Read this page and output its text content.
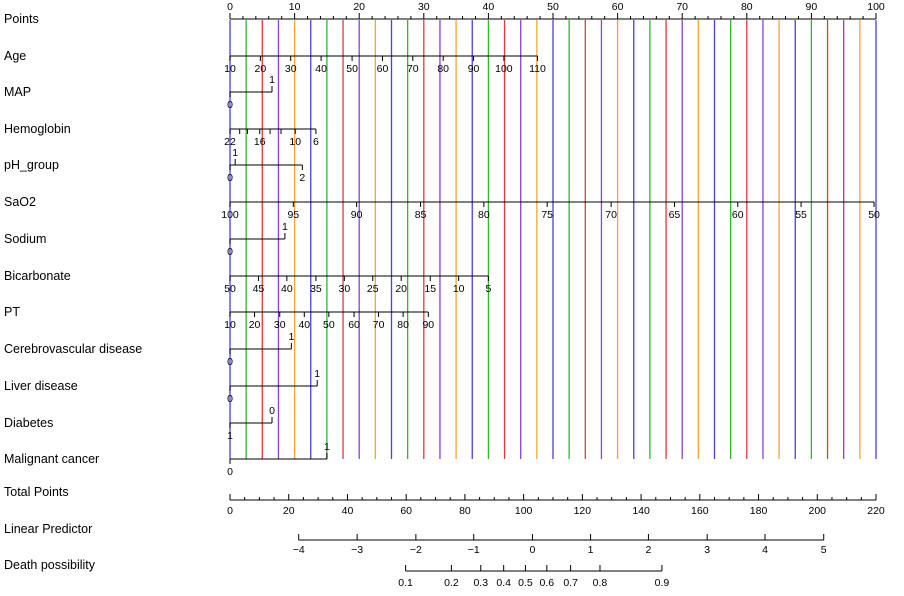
Points
0	10	20	30	40	50	60	70	80	90	100
Age
10 20 30 40 50 60 70 80 90 100 110
MAP
1
0
Hemoglobin
22 16 10 6
pH_group
1
0	2
SaO2
100	95	90	85	80	75	70	65	60	55	50
Sodium
1
0
Bicarbonate
50 45 40 35 30 25 20 15 10 5
PT
10 20 30 40 50 60 70 80 90
Cerebrovascular disease
1
0
Liver disease
1
0
Diabetes
0
1
Malignant cancer
1
0
Total Points
0	20	40	60	80	100	120	140	160	180	200	220
Linear Predictor
−4	−3	−2	−1	0	1	2	3	4	5
Death possibility
0.1	0.2 0.3 0.4 0.5 0.6 0.7 0.8	0.9
